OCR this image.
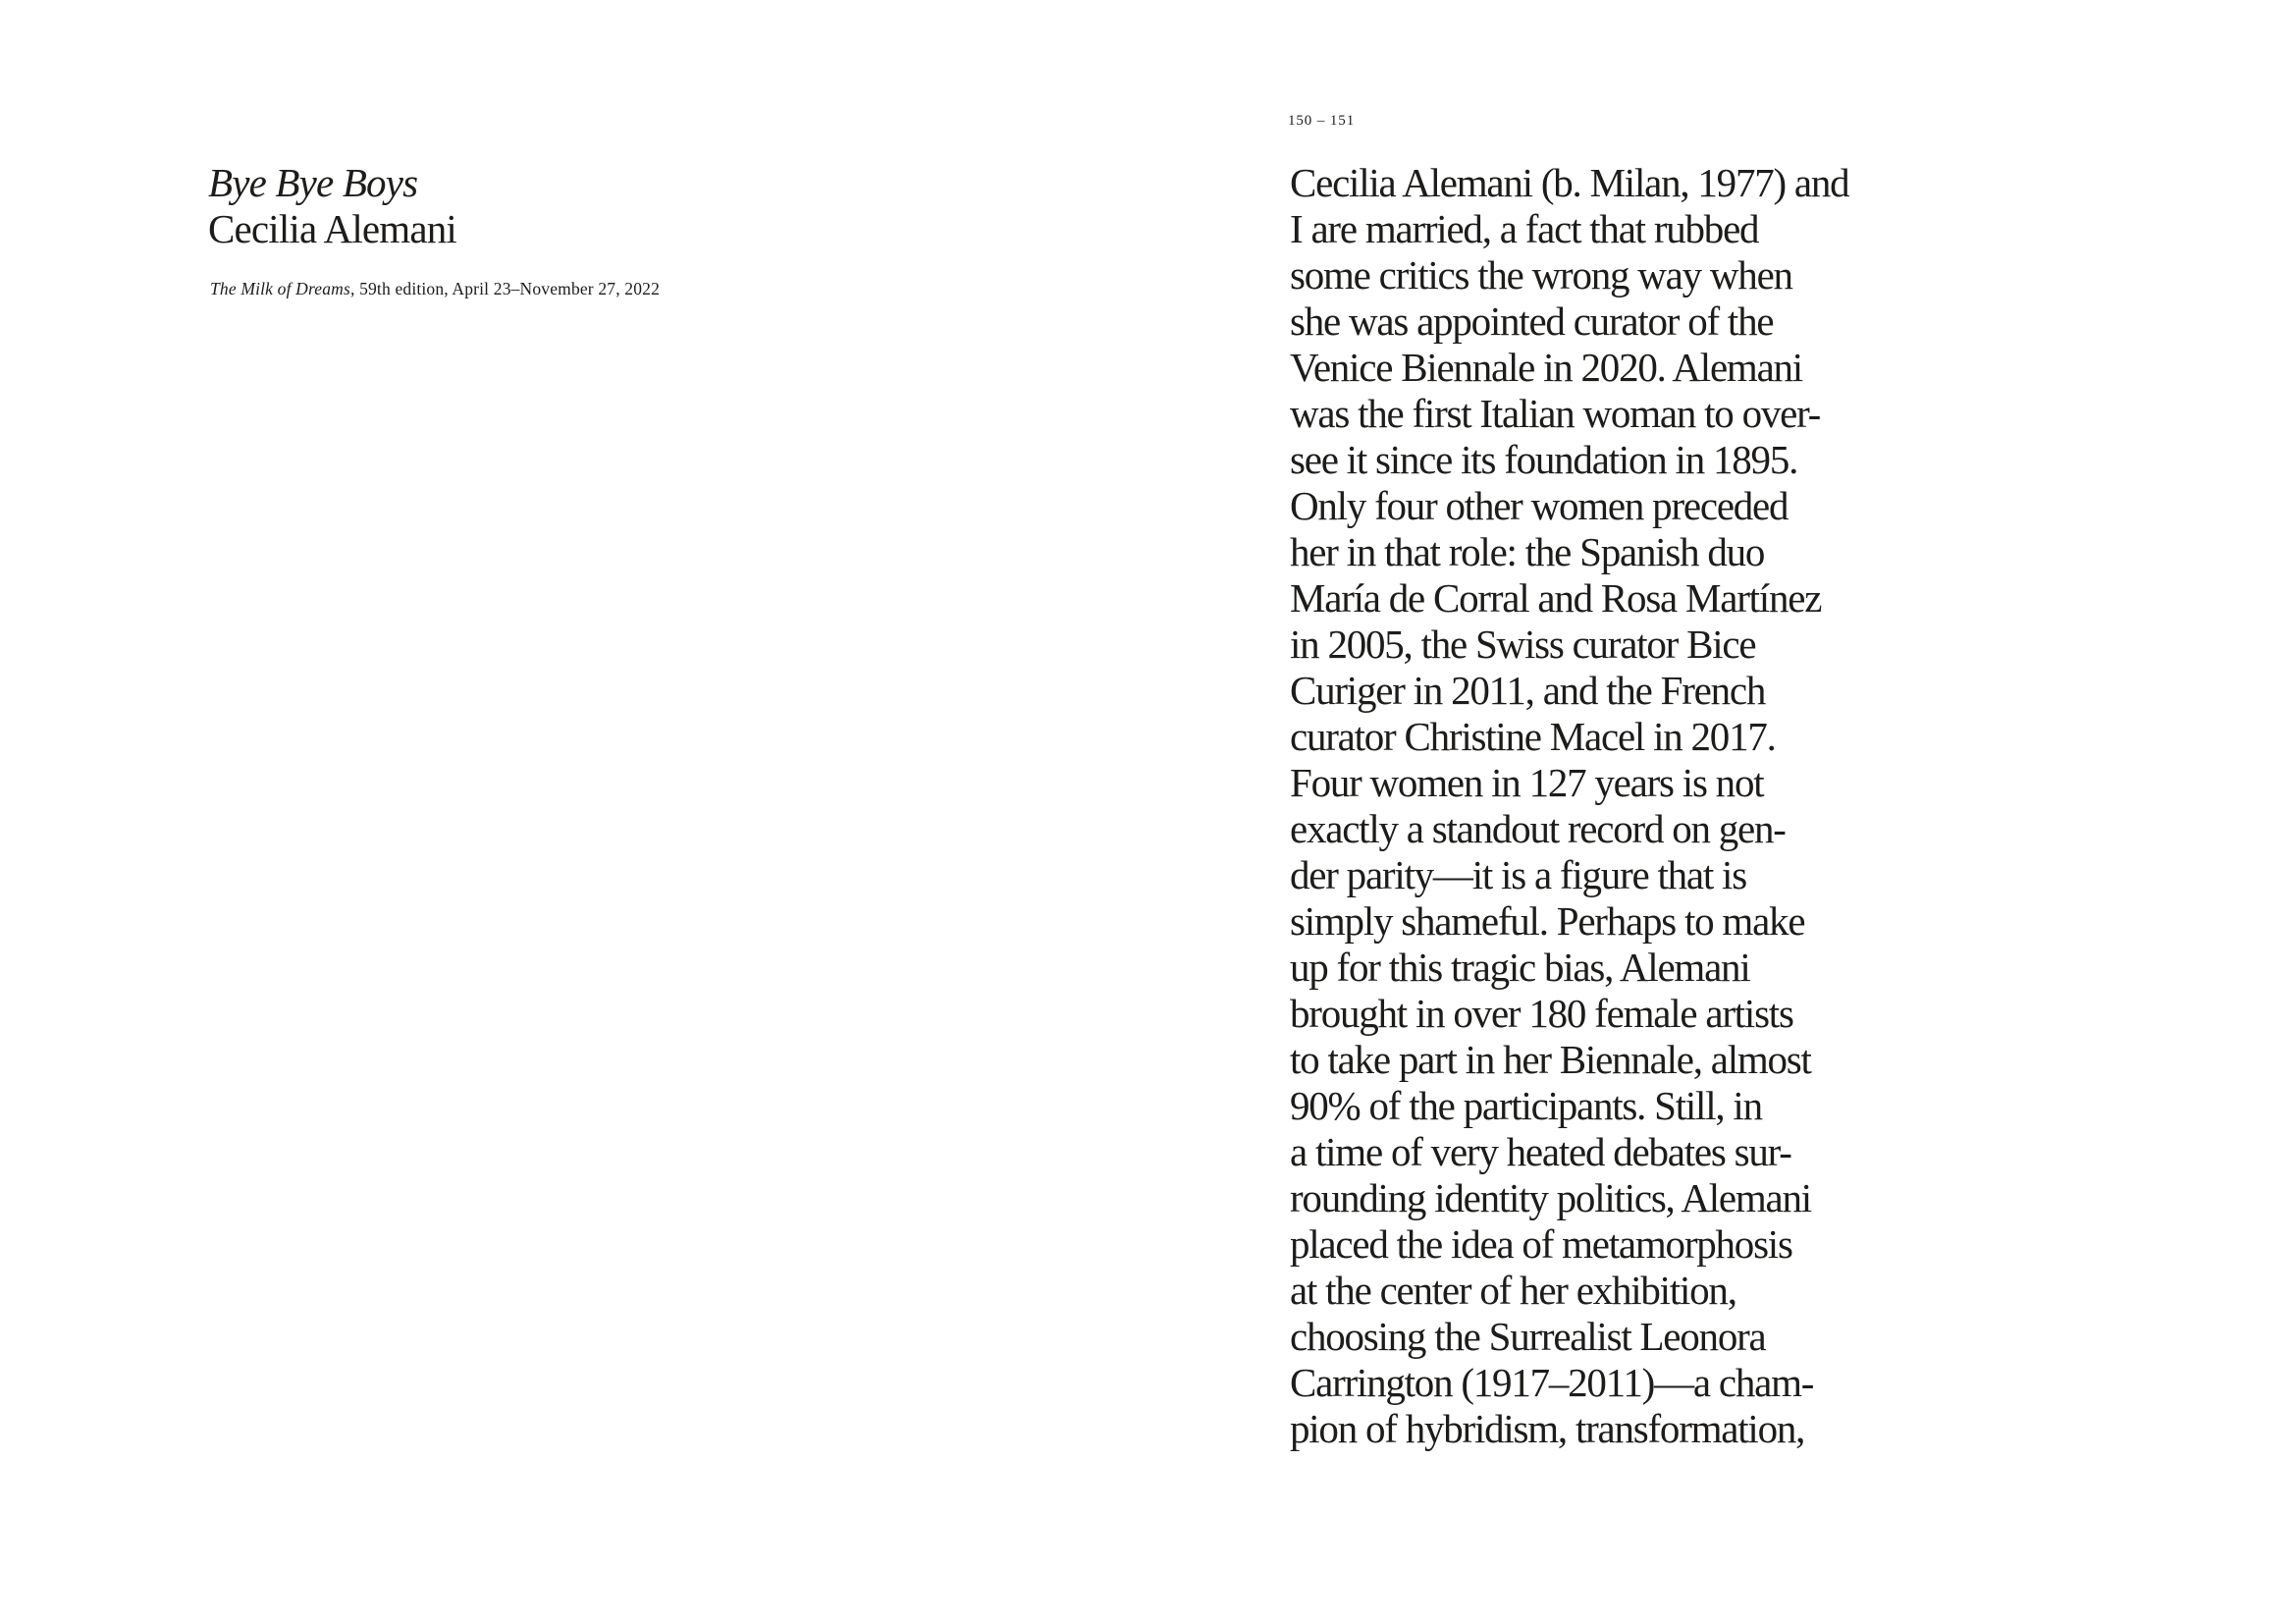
Bye Bye Boys
Cecilia Alemani
The Milk of Dreams, 59th edition, April 23–November 27, 2022
150 – 151
Cecilia Alemani (b. Milan, 1977) and
I are married, a fact that rubbed
some critics the wrong way when
she was appointed curator of the
Venice Biennale in 2020. Alemani
was the first Italian woman to over-
see it since its foundation in 1895.
Only four other women preceded
her in that role: the Spanish duo
María de Corral and Rosa Martínez
in 2005, the Swiss curator Bice
Curiger in 2011, and the French
curator Christine Macel in 2017.
Four women in 127 years is not
exactly a standout record on gen-
der parity—it is a figure that is
simply shameful. Perhaps to make
up for this tragic bias, Alemani
brought in over 180 female artists
to take part in her Biennale, almost
90% of the participants. Still, in
a time of very heated debates sur-
rounding identity politics, Alemani
placed the idea of metamorphosis
at the center of her exhibition,
choosing the Surrealist Leonora
Carrington (1917–2011)—a cham-
pion of hybridism, transformation,
